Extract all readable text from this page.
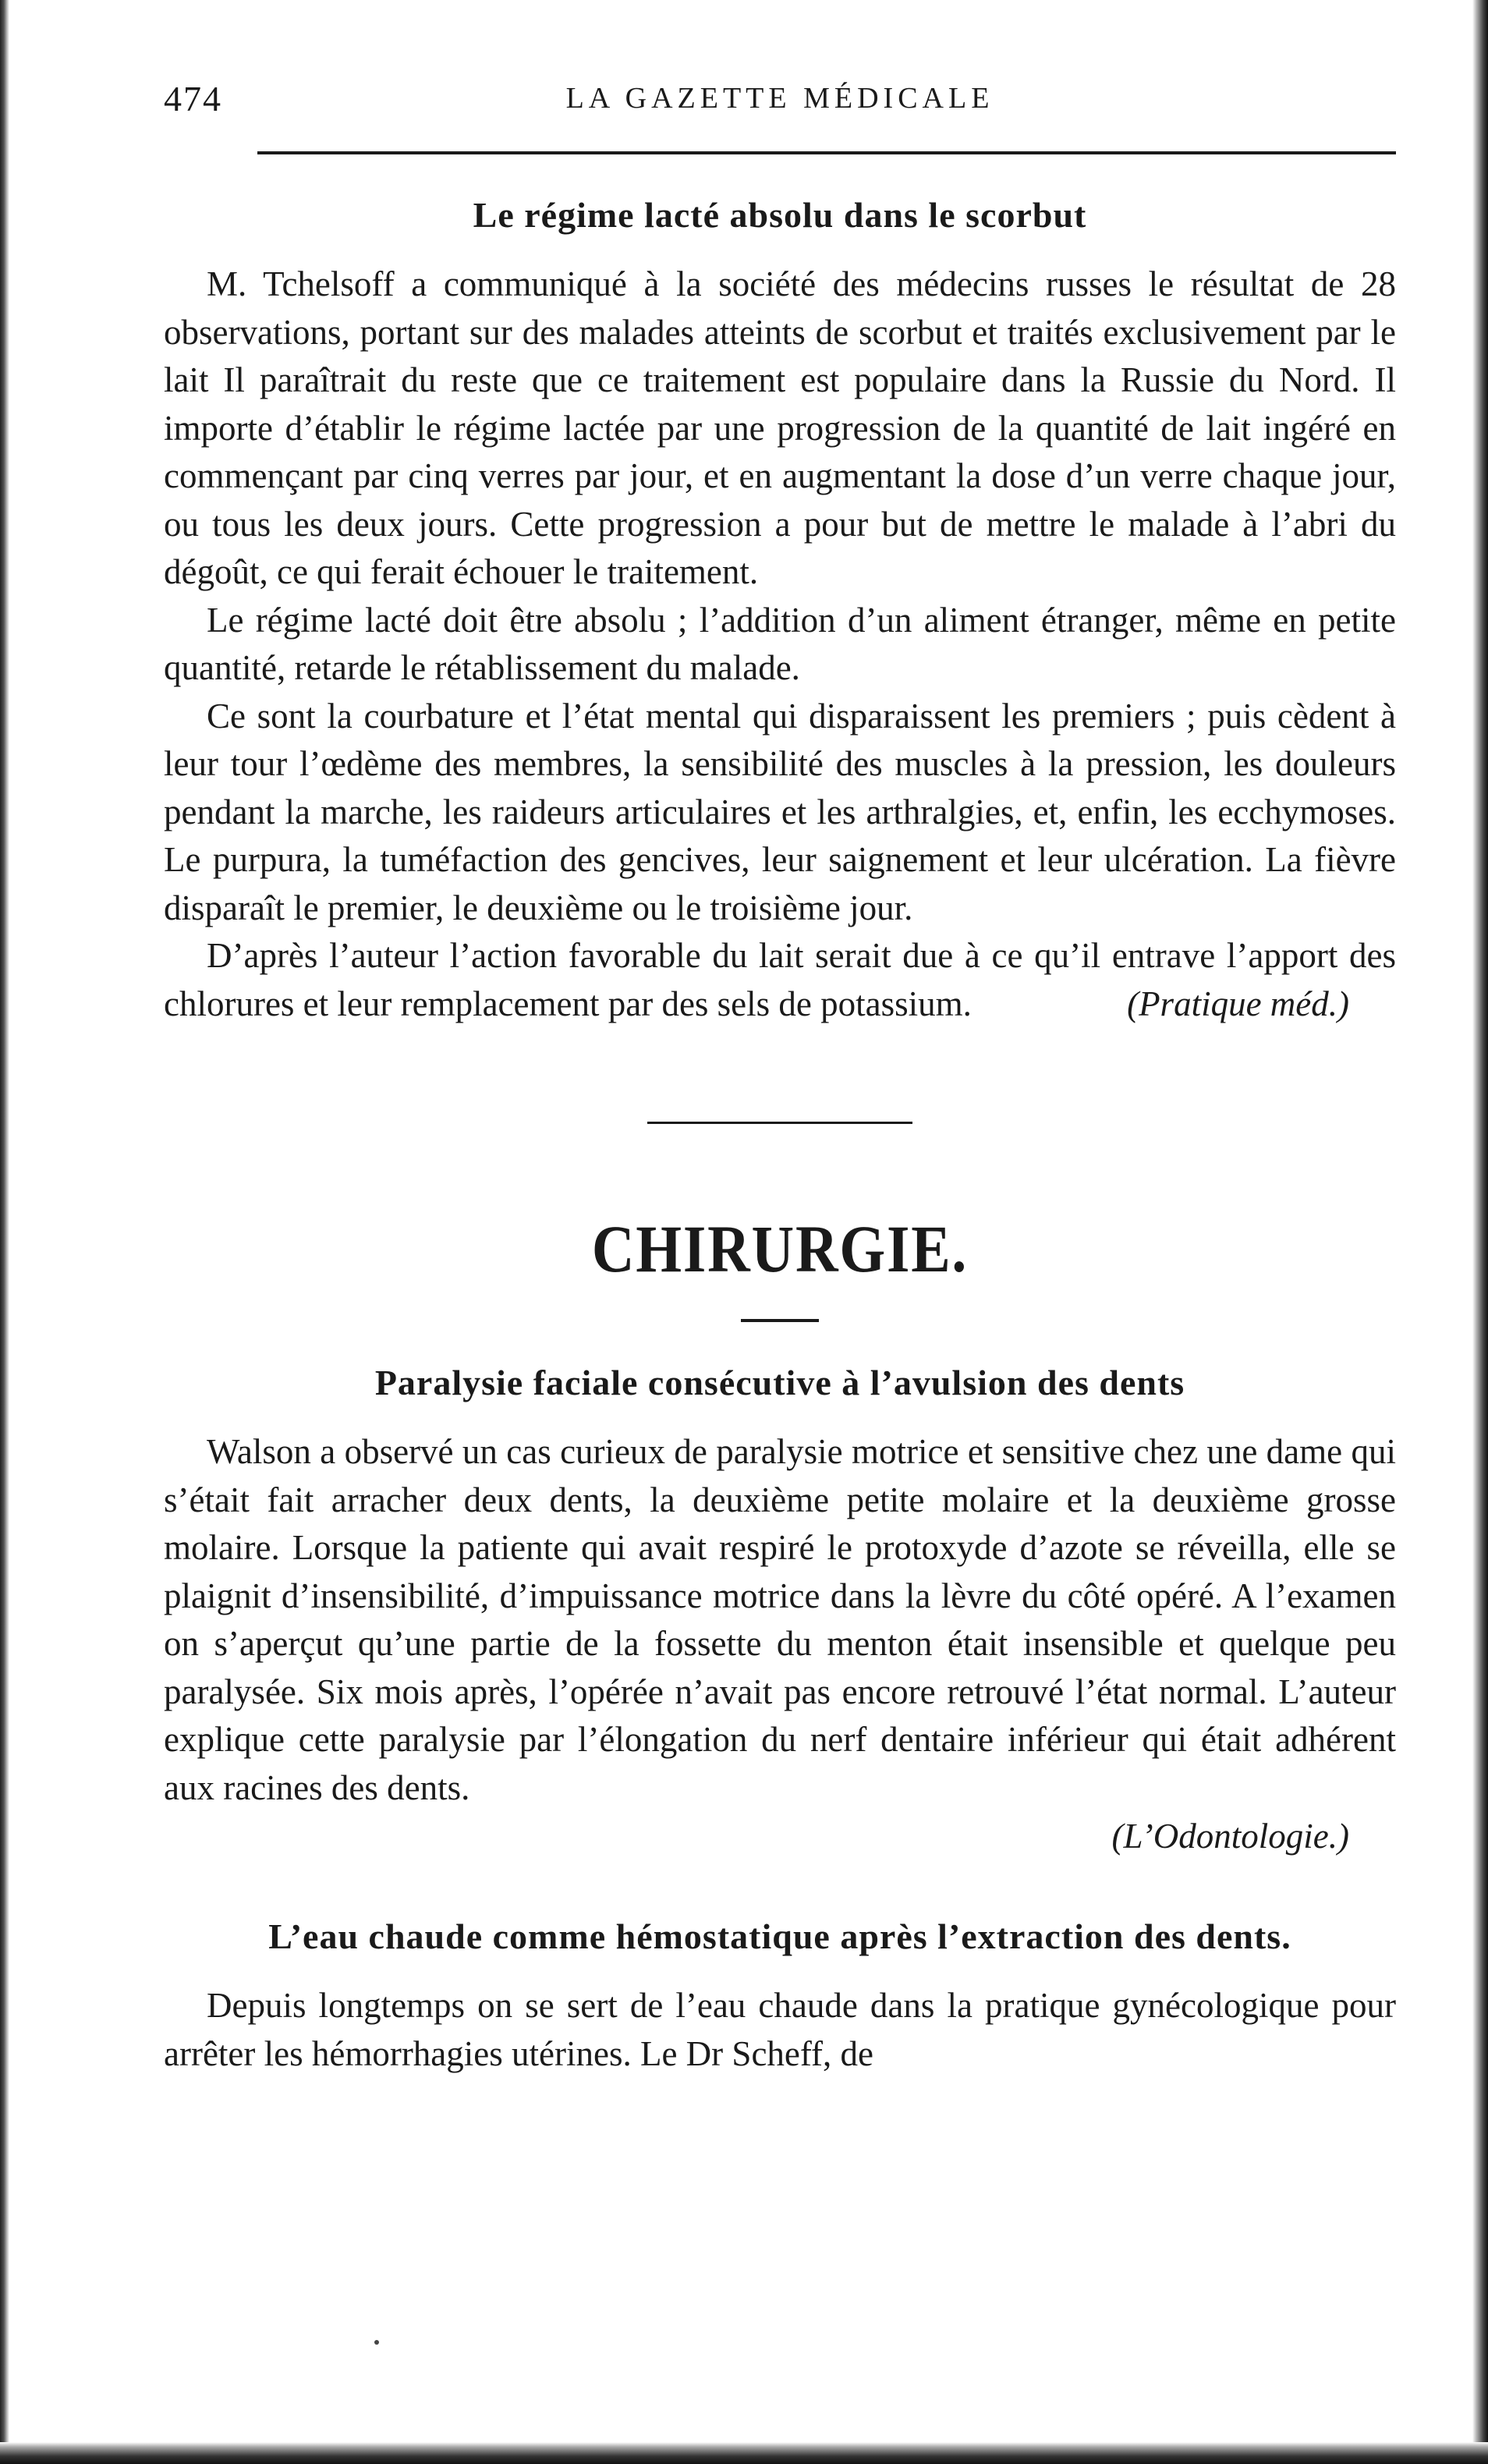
474	LA GAZETTE MÉDICALE
Le régime lacté absolu dans le scorbut

M. Tchelsoff a communiqué à la société des médecins russes le résultat de 28 observations, portant sur des malades atteints de scorbut et traités exclusivement par le lait Il paraîtrait du reste que ce traitement est populaire dans la Russie du Nord. Il importe d’établir le régime lactée par une progression de la quantité de lait ingéré en commençant par cinq verres par jour, et en augmentant la dose d’un verre chaque jour, ou tous les deux jours. Cette progression a pour but de mettre le malade à l’abri du dégoût, ce qui ferait échouer le traitement.

Le régime lacté doit être absolu ; l’addition d’un aliment étranger, même en petite quantité, retarde le rétablissement du malade.

Ce sont la courbature et l’état mental qui disparaissent les premiers ; puis cèdent à leur tour l’œdème des membres, la sensibilité des muscles à la pression, les douleurs pendant la marche, les raideurs articulaires et les arthralgies, et, enfin, les ecchymoses. Le purpura, la tuméfaction des gencives, leur saignement et leur ulcération. La fièvre disparaît le premier, le deuxième ou le troisième jour.

D’après l’auteur l’action favorable du lait serait due à ce qu’il entrave l’apport des chlorures et leur remplacement par des sels de potassium.	(Pratique méd.)
CHIRURGIE.
Paralysie faciale consécutive à l’avulsion des dents

Walson a observé un cas curieux de paralysie motrice et sensitive chez une dame qui s’était fait arracher deux dents, la deuxième petite molaire et la deuxième grosse molaire. Lorsque la patiente qui avait respiré le protoxyde d’azote se réveilla, elle se plaignit d’insensibilité, d’impuissance motrice dans la lèvre du côté opéré. A l’examen on s’aperçut qu’une partie de la fossette du menton était insensible et quelque peu paralysée. Six mois après, l’opérée n’avait pas encore retrouvé l’état normal. L’auteur explique cette paralysie par l’élongation du nerf dentaire inférieur qui était adhérent aux racines des dents.

(L’Odontologie.)
L’eau chaude comme hémostatique après l’extraction des dents.

Depuis longtemps on se sert de l’eau chaude dans la pratique gynécologique pour arrêter les hémorrhagies utérines. Le Dr Scheff, de
